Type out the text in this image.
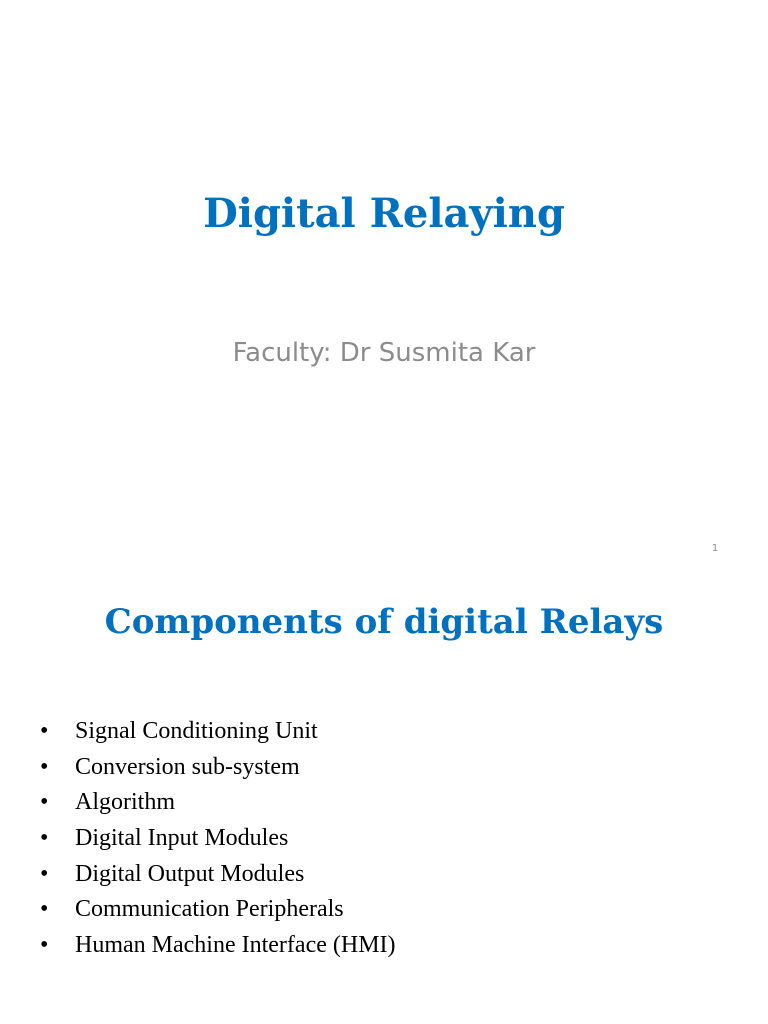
Digital Relaying
Faculty: Dr Susmita Kar
1
Components of digital Relays
•	Signal Conditioning Unit
•	Conversion sub-system
•	Algorithm
•	Digital Input Modules
•	Digital Output Modules
•	Communication Peripherals
•	Human Machine Interface (HMI)
